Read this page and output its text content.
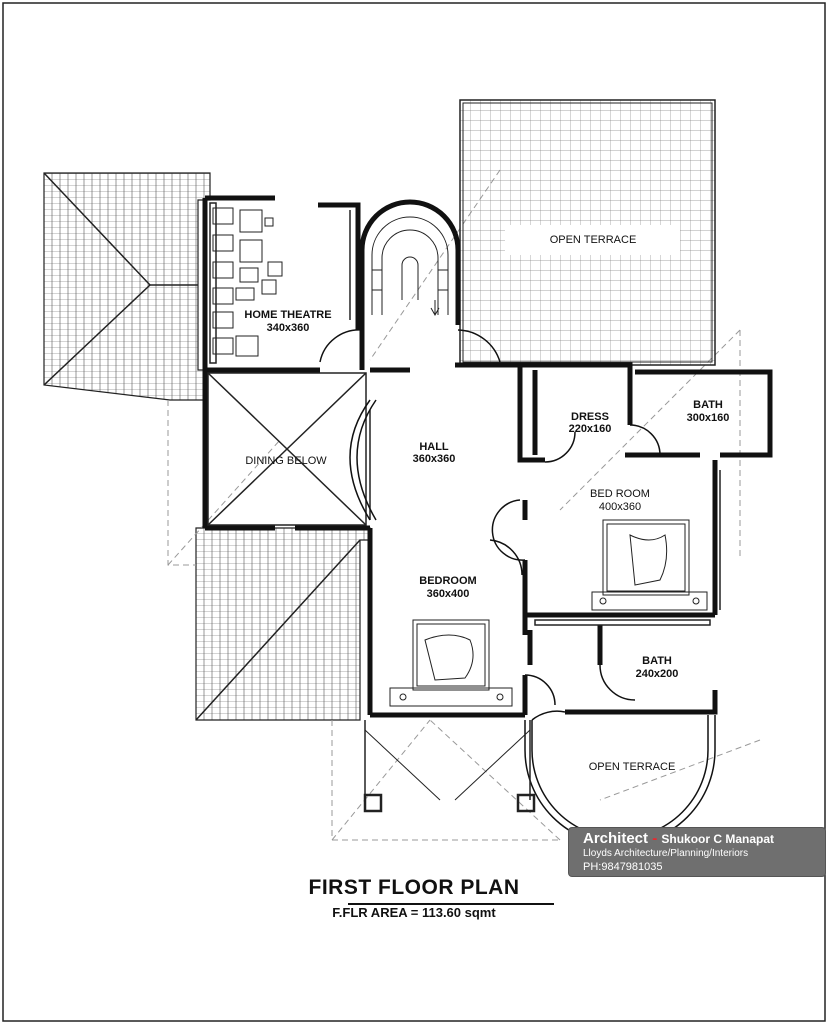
HOME THEATRE
340x360
OPEN TERRACE
DRESS
220x160
BATH
300x160
DINING BELOW
HALL
360x360
BED ROOM
400x360
BEDROOM
360x400
BATH
240x200
OPEN TERRACE
Architect - Shukoor C Manapat
Lloyds Architecture/Planning/Interiors
PH:9847981035
FIRST FLOOR PLAN
F.FLR AREA = 113.60 sqmt
